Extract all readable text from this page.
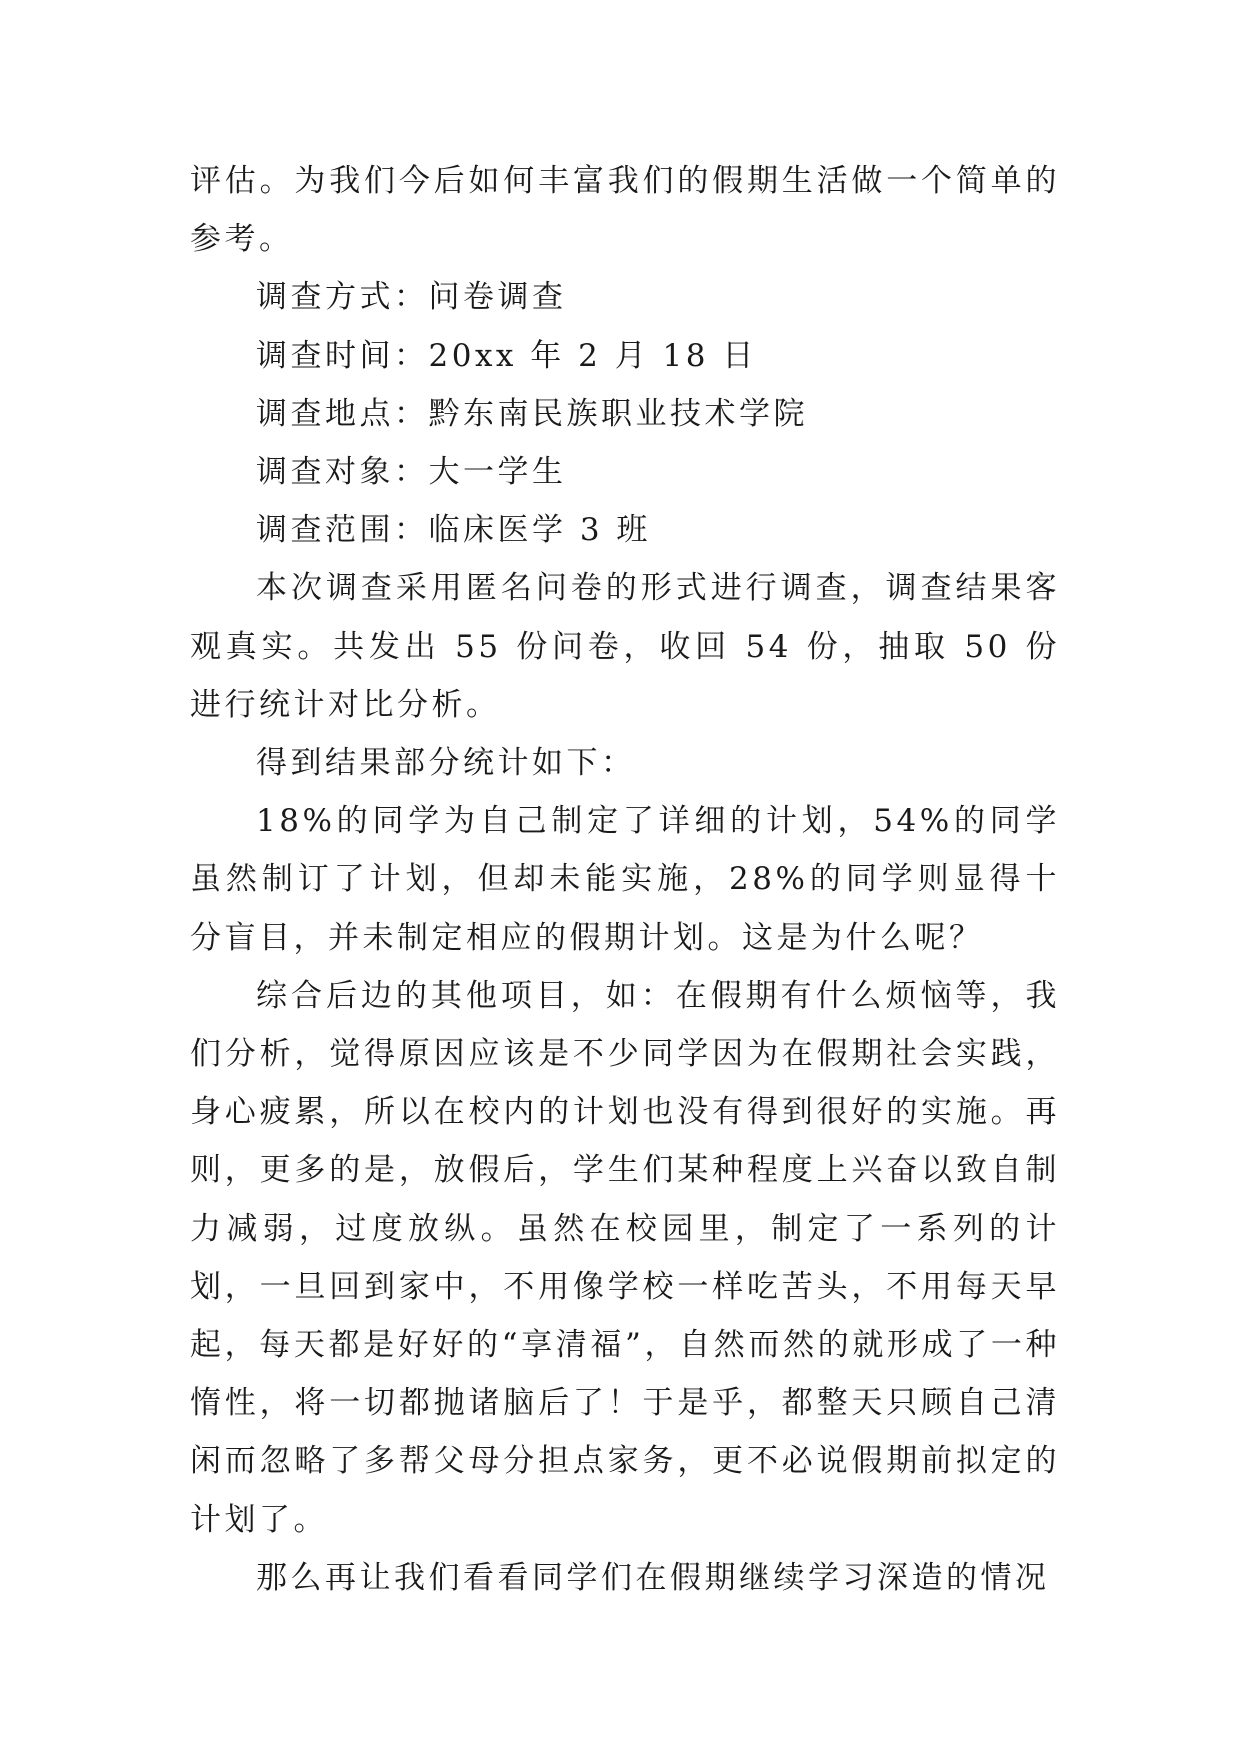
评估。为我们今后如何丰富我们的假期生活做一个简单的参考。

调查方式：问卷调查

调查时间：20xx 年 2 月 18 日

调查地点：黔东南民族职业技术学院

调查对象：大一学生

调查范围：临床医学 3 班

本次调查采用匿名问卷的形式进行调查，调查结果客观真实。共发出 55 份问卷，收回 54 份，抽取 50 份进行统计对比分析。

得到结果部分统计如下：

18%的同学为自己制定了详细的计划，54%的同学虽然制订了计划，但却未能实施，28%的同学则显得十分盲目，并未制定相应的假期计划。这是为什么呢？

综合后边的其他项目，如：在假期有什么烦恼等，我们分析，觉得原因应该是不少同学因为在假期社会实践，身心疲累，所以在校内的计划也没有得到很好的实施。再则，更多的是，放假后，学生们某种程度上兴奋以致自制力减弱，过度放纵。虽然在校园里，制定了一系列的计划，一旦回到家中，不用像学校一样吃苦头，不用每天早起，每天都是好好的“享清福”，自然而然的就形成了一种惰性，将一切都抛诸脑后了！于是乎，都整天只顾自己清闲而忽略了多帮父母分担点家务，更不必说假期前拟定的计划了。

那么再让我们看看同学们在假期继续学习深造的情况
